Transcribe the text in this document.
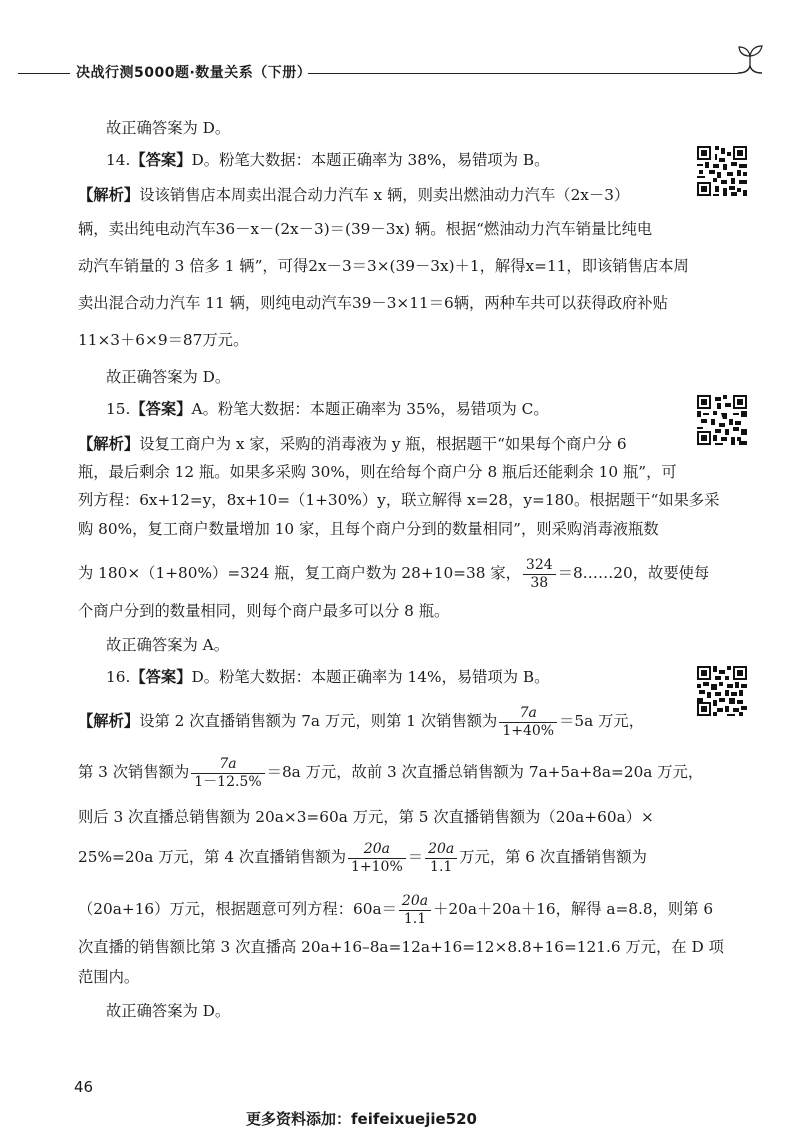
决战行测5000题·数量关系（下册）
故正确答案为 D。
14.【答案】D。粉笔大数据：本题正确率为 38%，易错项为 B。
【解析】设该销售店本周卖出混合动力汽车 x 辆，则卖出燃油动力汽车（2x－3）
辆，卖出纯电动汽车36－x－(2x－3)＝(39－3x) 辆。根据“燃油动力汽车销量比纯电
动汽车销量的 3 倍多 1 辆”，可得2x－3＝3×(39－3x)＋1，解得x=11，即该销售店本周
卖出混合动力汽车 11 辆，则纯电动汽车39－3×11＝6辆，两种车共可以获得政府补贴
11×3＋6×9＝87万元。
故正确答案为 D。
15.【答案】A。粉笔大数据：本题正确率为 35%，易错项为 C。
【解析】设复工商户为 x 家，采购的消毒液为 y 瓶，根据题干“如果每个商户分 6
瓶，最后剩余 12 瓶。如果多采购 30%，则在给每个商户分 8 瓶后还能剩余 10 瓶”，可
列方程：6x+12=y，8x+10=（1+30%）y，联立解得 x=28，y=180。根据题干“如果多采
购 80%，复工商户数量增加 10 家，且每个商户分到的数量相同”，则采购消毒液瓶数
为 180×（1+80%）=324 瓶，复工商户数为 28+10=38 家， $\frac{324}{38}$ ＝8……20，故要使每
个商户分到的数量相同，则每个商户最多可以分 8 瓶。
故正确答案为 A。
16.【答案】D。粉笔大数据：本题正确率为 14%，易错项为 B。
【解析】设第 2 次直播销售额为 7a 万元，则第 1 次销售额为 $\frac{7a}{1+40\%} =5a$ 万元，
第 3 次销售额为 $\frac{7a}{1-12.5\%} =8a$ 万元，故前 3 次直播总销售额为 7a+5a+8a=20a 万元，
则后 3 次直播总销售额为 20a×3=60a 万元，第 5 次直播销售额为（20a+60a）×
25%=20a 万元，第 4 次直播销售额为 $\frac{20a}{1+10\%} = \frac{20a}{1.1}$ 万元，第 6 次直播销售额为
（20a+16）万元，根据题意可列方程：$60a= \frac{20a}{1.1} +20a+20a+16$，解得 a=8.8，则第 6
次直播的销售额比第 3 次直播高 20a+16–8a=12a+16=12×8.8+16=121.6 万元，在 D 项
范围内。
故正确答案为 D。
46
更多资料添加：feifeixuejie520
